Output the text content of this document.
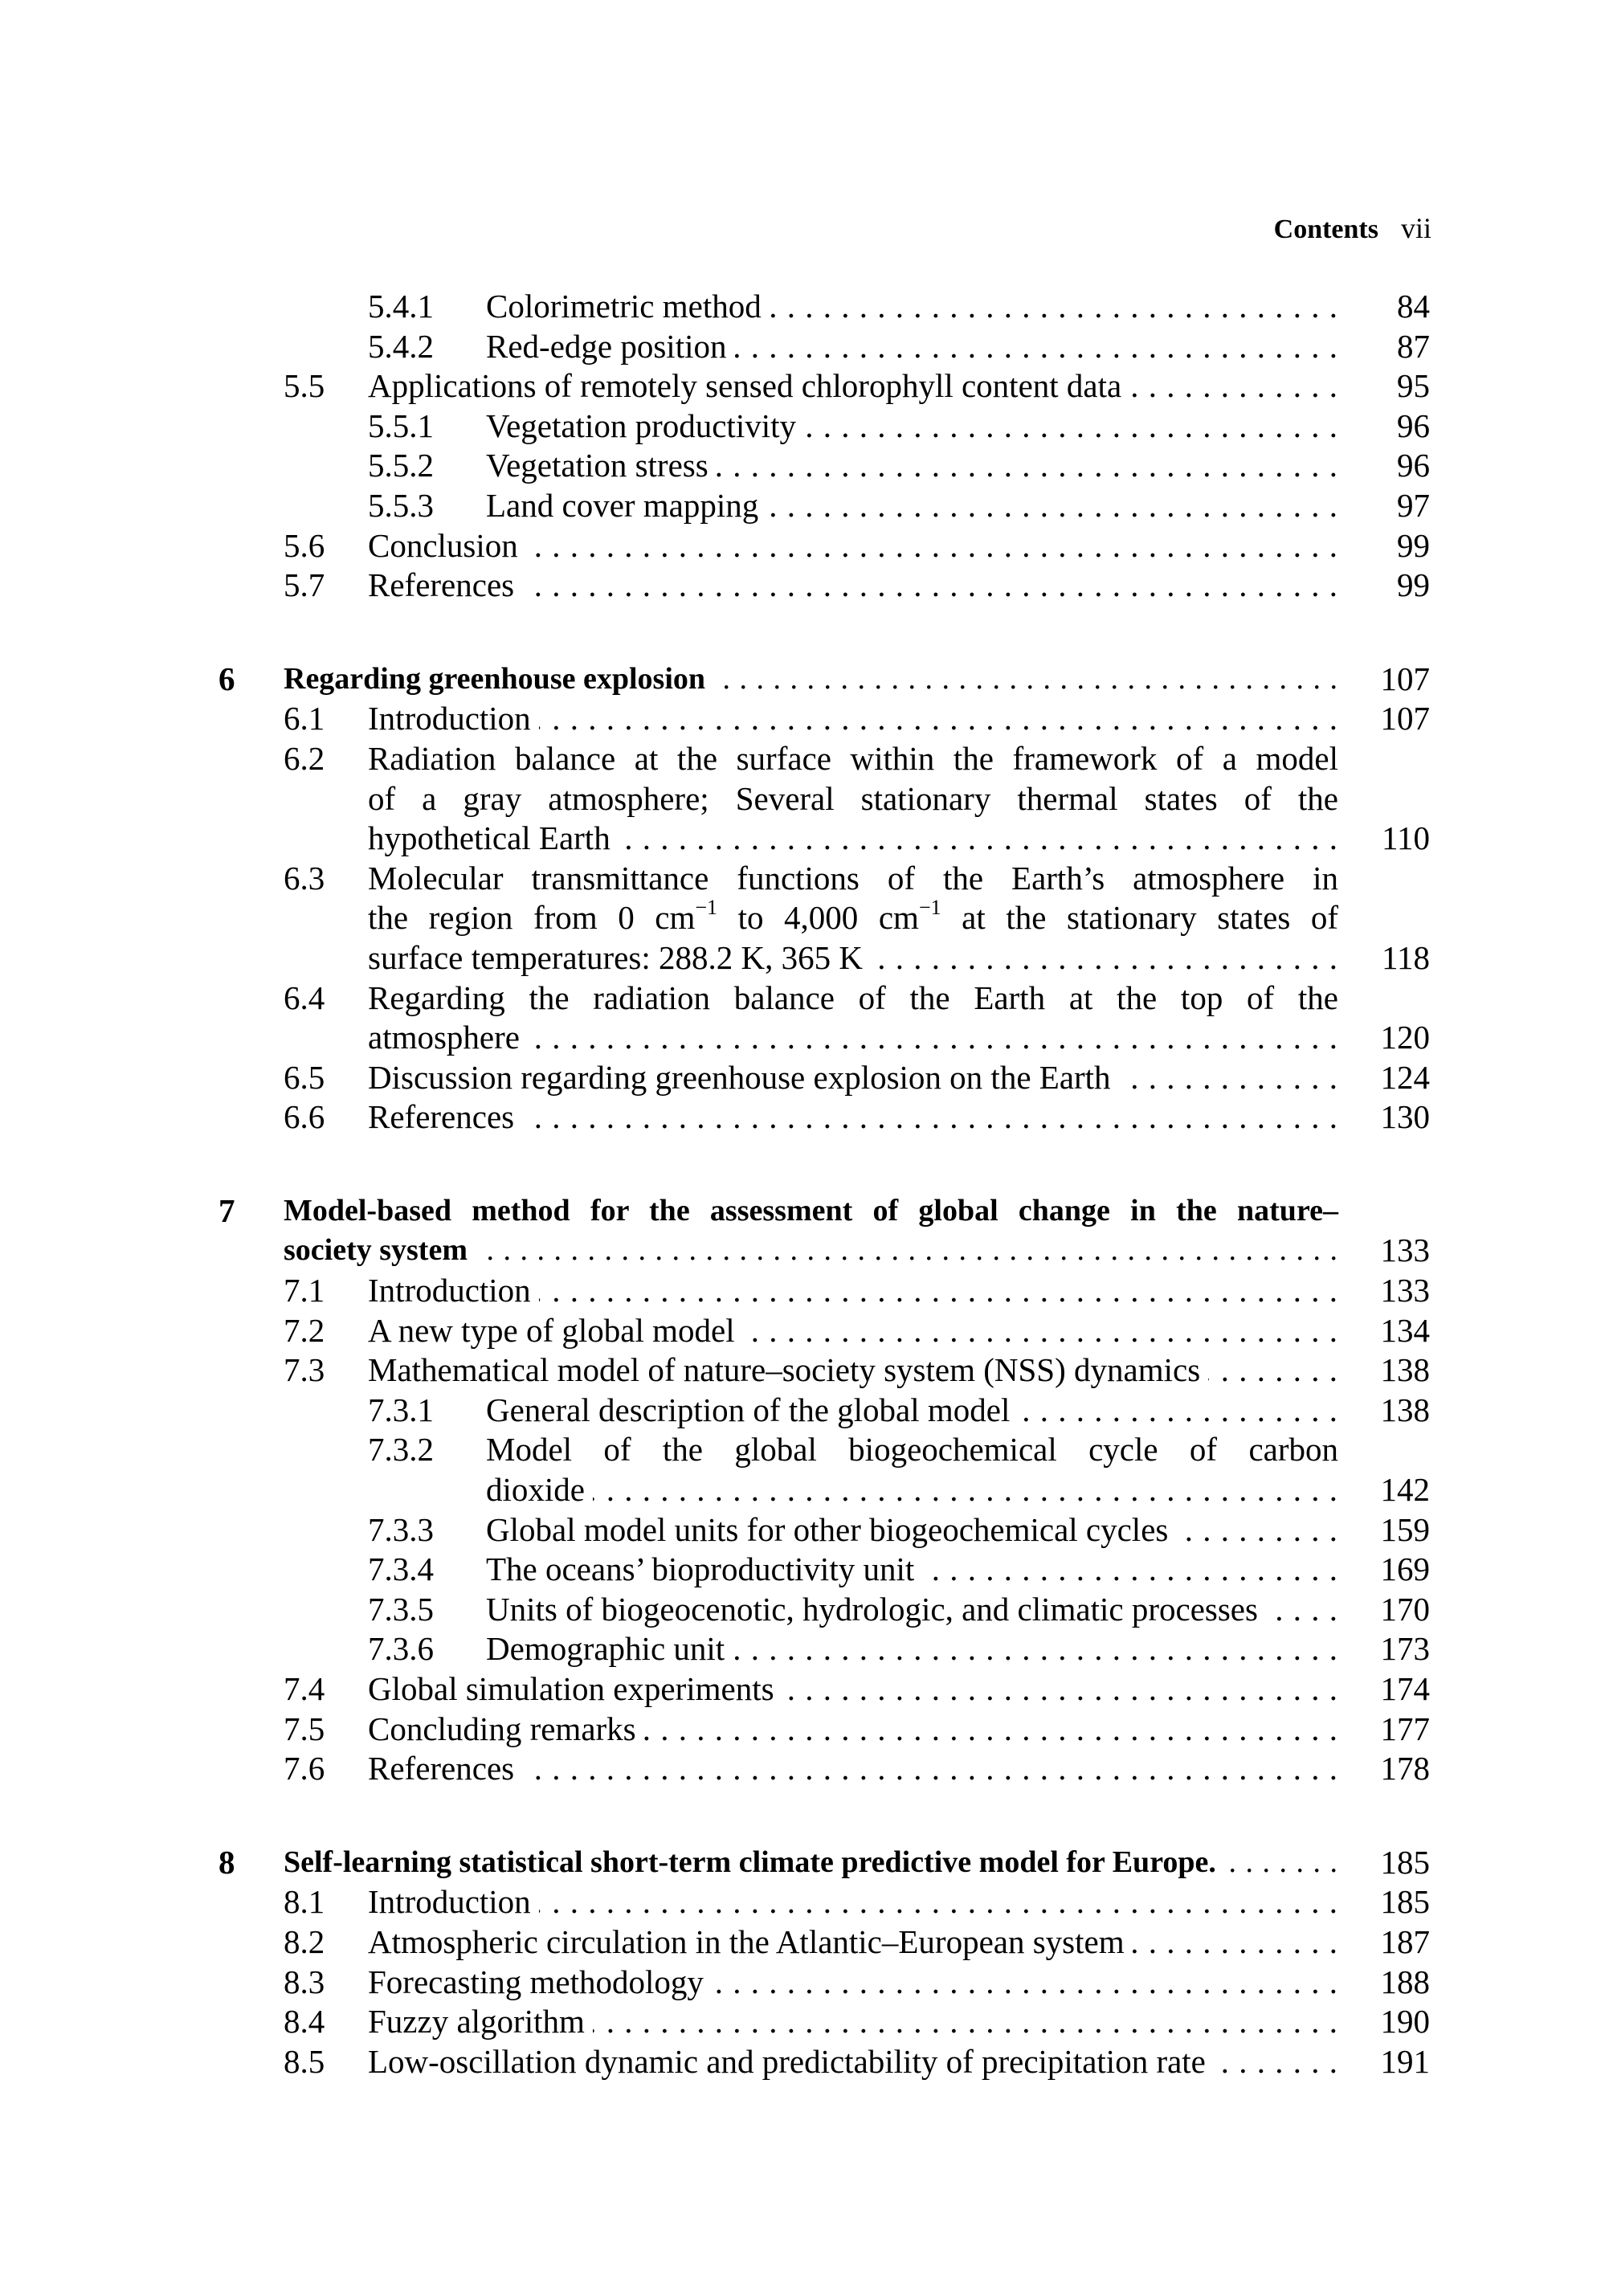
Contents vii
5.4.1 Colorimetric method . . .	84
5.4.2 Red-edge position . . .	87
5.5 Applications of remotely sensed chlorophyll content data . . .	95
5.5.1 Vegetation productivity . . .	96
5.5.2 Vegetation stress . . .	96
5.5.3 Land cover mapping . . .	97
5.6 Conclusion . . .	99
5.7 References . . .	99
6 Regarding greenhouse explosion . . .	107
6.1 Introduction . . .	107
6.2 Radiation balance at the surface within the framework of a model
of a gray atmosphere; Several stationary thermal states of the
hypothetical Earth . . .	110
6.3 Molecular transmittance functions of the Earth’s atmosphere in
the region from 0 $cm^{-1}$ to 4,000 $cm^{-1}$ at the stationary states of
surface temperatures: 288.2 K, 365 K . . .	118
6.4 Regarding the radiation balance of the Earth at the top of the
atmosphere . . .	120
6.5 Discussion regarding greenhouse explosion on the Earth . . .	124
6.6 References . . .	130
7 Model-based method for the assessment of global change in the nature–
society system . . .	133
7.1 Introduction . . .	133
7.2 A new type of global model . . .	134
7.3 Mathematical model of nature–society system (NSS) dynamics . . .	138
7.3.1 General description of the global model . . .	138
7.3.2 Model of the global biogeochemical cycle of carbon
dioxide . . .	142
7.3.3 Global model units for other biogeochemical cycles . . .	159
7.3.4 The oceans’ bioproductivity unit . . .	169
7.3.5 Units of biogeocenotic, hydrologic, and climatic processes . . .	170
7.3.6 Demographic unit . . .	173
7.4 Global simulation experiments . . .	174
7.5 Concluding remarks . . .	177
7.6 References . . .	178
8 Self-learning statistical short-term climate predictive model for Europe. . . .	185
8.1 Introduction . . .	185
8.2 Atmospheric circulation in the Atlantic–European system . . .	187
8.3 Forecasting methodology . . .	188
8.4 Fuzzy algorithm . . .	190
8.5 Low-oscillation dynamic and predictability of precipitation rate . . .	191
